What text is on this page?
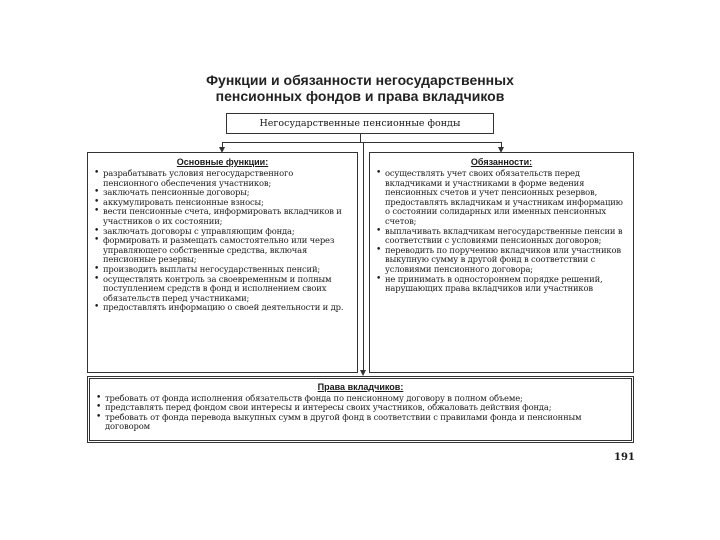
Функции и обязанности негосударственных
пенсионных фондов и права вкладчиков
Негосударственные пенсионные фонды
Основные функции:
• разрабатывать условия негосударственного пенсионного обеспечения участников;
• заключать пенсионные договоры;
• аккумулировать пенсионные взносы;
• вести пенсионные счета, информировать вкладчиков и участников о их состоянии;
• заключать договоры с управляющим фонда;
• формировать и размещать самостоятельно или через управляющего собственные средства, включая пенсионные резервы;
• производить выплаты негосударственных пенсий;
• осуществлять контроль за своевременным и полным поступлением средств в фонд и исполнением своих обязательств перед участниками;
• предоставлять информацию о своей деятельности и др.
Обязанности:
• осуществлять учет своих обязательств перед вкладчиками и участниками в форме ведения пенсионных счетов и учет пенсионных резервов, предоставлять вкладчикам и участникам информацию о состоянии солидарных или именных пенсионных счетов;
• выплачивать вкладчикам негосударственные пенсии в соответствии с условиями пенсионных договоров;
• переводить по поручению вкладчиков или участников выкупную сумму в другой фонд в соответствии с условиями пенсионного договора;
• не принимать в одностороннем порядке решений, нарушающих права вкладчиков или участников
Права вкладчиков:
• требовать от фонда исполнения обязательств фонда по пенсионному договору в полном объеме;
• представлять перед фондом свои интересы и интересы своих участников, обжаловать действия фонда;
• требовать от фонда перевода выкупных сумм в другой фонд в соответствии с правилами фонда и пенсионным договором
191
